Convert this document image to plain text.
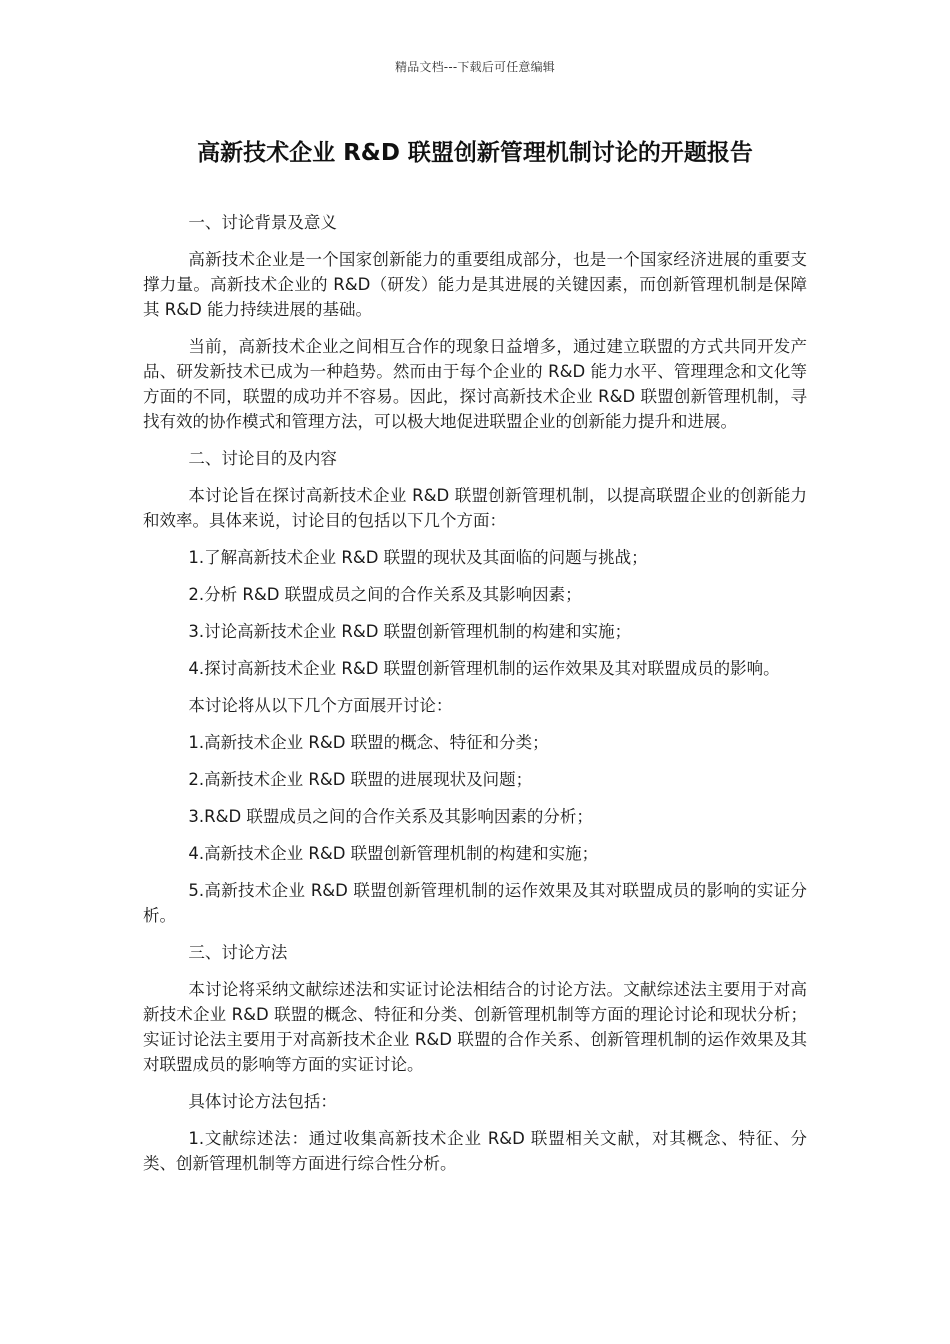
精品文档---下载后可任意编辑
高新技术企业 R&D 联盟创新管理机制讨论的开题报告

一、讨论背景及意义

高新技术企业是一个国家创新能力的重要组成部分，也是一个国家经济进展的重要支撑力量。高新技术企业的 R&D（研发）能力是其进展的关键因素，而创新管理机制是保障其 R&D 能力持续进展的基础。

当前，高新技术企业之间相互合作的现象日益增多，通过建立联盟的方式共同开发产品、研发新技术已成为一种趋势。然而由于每个企业的 R&D 能力水平、管理理念和文化等方面的不同，联盟的成功并不容易。因此，探讨高新技术企业 R&D 联盟创新管理机制，寻找有效的协作模式和管理方法，可以极大地促进联盟企业的创新能力提升和进展。

二、讨论目的及内容

本讨论旨在探讨高新技术企业 R&D 联盟创新管理机制，以提高联盟企业的创新能力和效率。具体来说，讨论目的包括以下几个方面：

1.了解高新技术企业 R&D 联盟的现状及其面临的问题与挑战；

2.分析 R&D 联盟成员之间的合作关系及其影响因素；

3.讨论高新技术企业 R&D 联盟创新管理机制的构建和实施；

4.探讨高新技术企业 R&D 联盟创新管理机制的运作效果及其对联盟成员的影响。

本讨论将从以下几个方面展开讨论：

1.高新技术企业 R&D 联盟的概念、特征和分类；

2.高新技术企业 R&D 联盟的进展现状及问题；

3.R&D 联盟成员之间的合作关系及其影响因素的分析；

4.高新技术企业 R&D 联盟创新管理机制的构建和实施；

5.高新技术企业 R&D 联盟创新管理机制的运作效果及其对联盟成员的影响的实证分析。

三、讨论方法

本讨论将采纳文献综述法和实证讨论法相结合的讨论方法。文献综述法主要用于对高新技术企业 R&D 联盟的概念、特征和分类、创新管理机制等方面的理论讨论和现状分析；实证讨论法主要用于对高新技术企业 R&D 联盟的合作关系、创新管理机制的运作效果及其对联盟成员的影响等方面的实证讨论。

具体讨论方法包括：

1.文献综述法：通过收集高新技术企业 R&D 联盟相关文献，对其概念、特征、分类、创新管理机制等方面进行综合性分析。
